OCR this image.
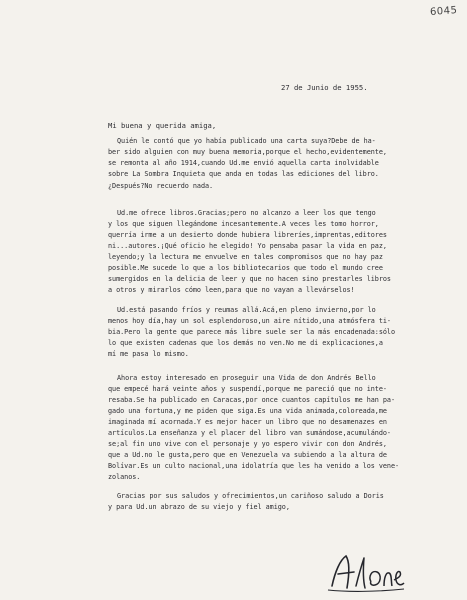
6045
27 de Junio de 1955.
Mi buena y querida amiga,
Quién le contó que yo había publicado una carta suya?Debe de ha-
ber sido alguien con muy buena memoria,porque el hecho,evidentemente,
se remonta al año 1914,cuando Ud.me envió aquella carta inolvidable
sobre La Sombra Inquieta que anda en todas las ediciones del libro.
¿Después?No recuerdo nada.
Ud.me ofrece libros.Gracias;pero no alcanzo a leer los que tengo
y los que siguen llegándome incesantemente.A veces les tomo horror,
querría irme a un desierto donde hubiera libreríes,imprentas,editores
ni...autores.¡Qué oficio he elegido! Yo pensaba pasar la vida en paz,
leyendo;y la lectura me envuelve en tales compromisos que no hay paz
posible.Me sucede lo que a los bibliotecarios que todo el mundo cree
sumergidos en la delicia de leer y que no hacen sino prestarles libros
a otros y mirarlos cómo leen,para que no vayan a llevárselos!
Ud.está pasando fríos y reumas allá.Acá,en pleno invierno,por lo
menos hoy día,hay un sol esplendoroso,un aire nítido,una atmósfera ti-
bia.Pero la gente que parece más libre suele ser la más encadenada:sólo
lo que existen cadenas que los demás no ven.No me di explicaciones,a
mí me pasa lo mismo.
Ahora estoy interesado en proseguir una Vida de don Andrés Bello
que empecé hará veinte años y suspendí,porque me pareció que no inte-
resaba.Se ha publicado en Caracas,por once cuantos capítulos me han pa-
gado una fortuna,y me piden que siga.Es una vida animada,coloreada,me
imaginada mí acornada.Y es mejor hacer un libro que no desamenazes en
artículos.La enseñanza y el placer del libro van sumándose,acumulándo-
se;al fin uno vive con el personaje y yo espero vivir con don Andrés,
que a Ud.no le gusta,pero que en Venezuela va subiendo a la altura de
Bolívar.Es un culto nacional,una idolatría que les ha venido a los vene-
zolanos.
Gracias por sus saludos y ofrecimientos,un cariñoso saludo a Doris
y para Ud.un abrazo de su viejo y fiel amigo,
